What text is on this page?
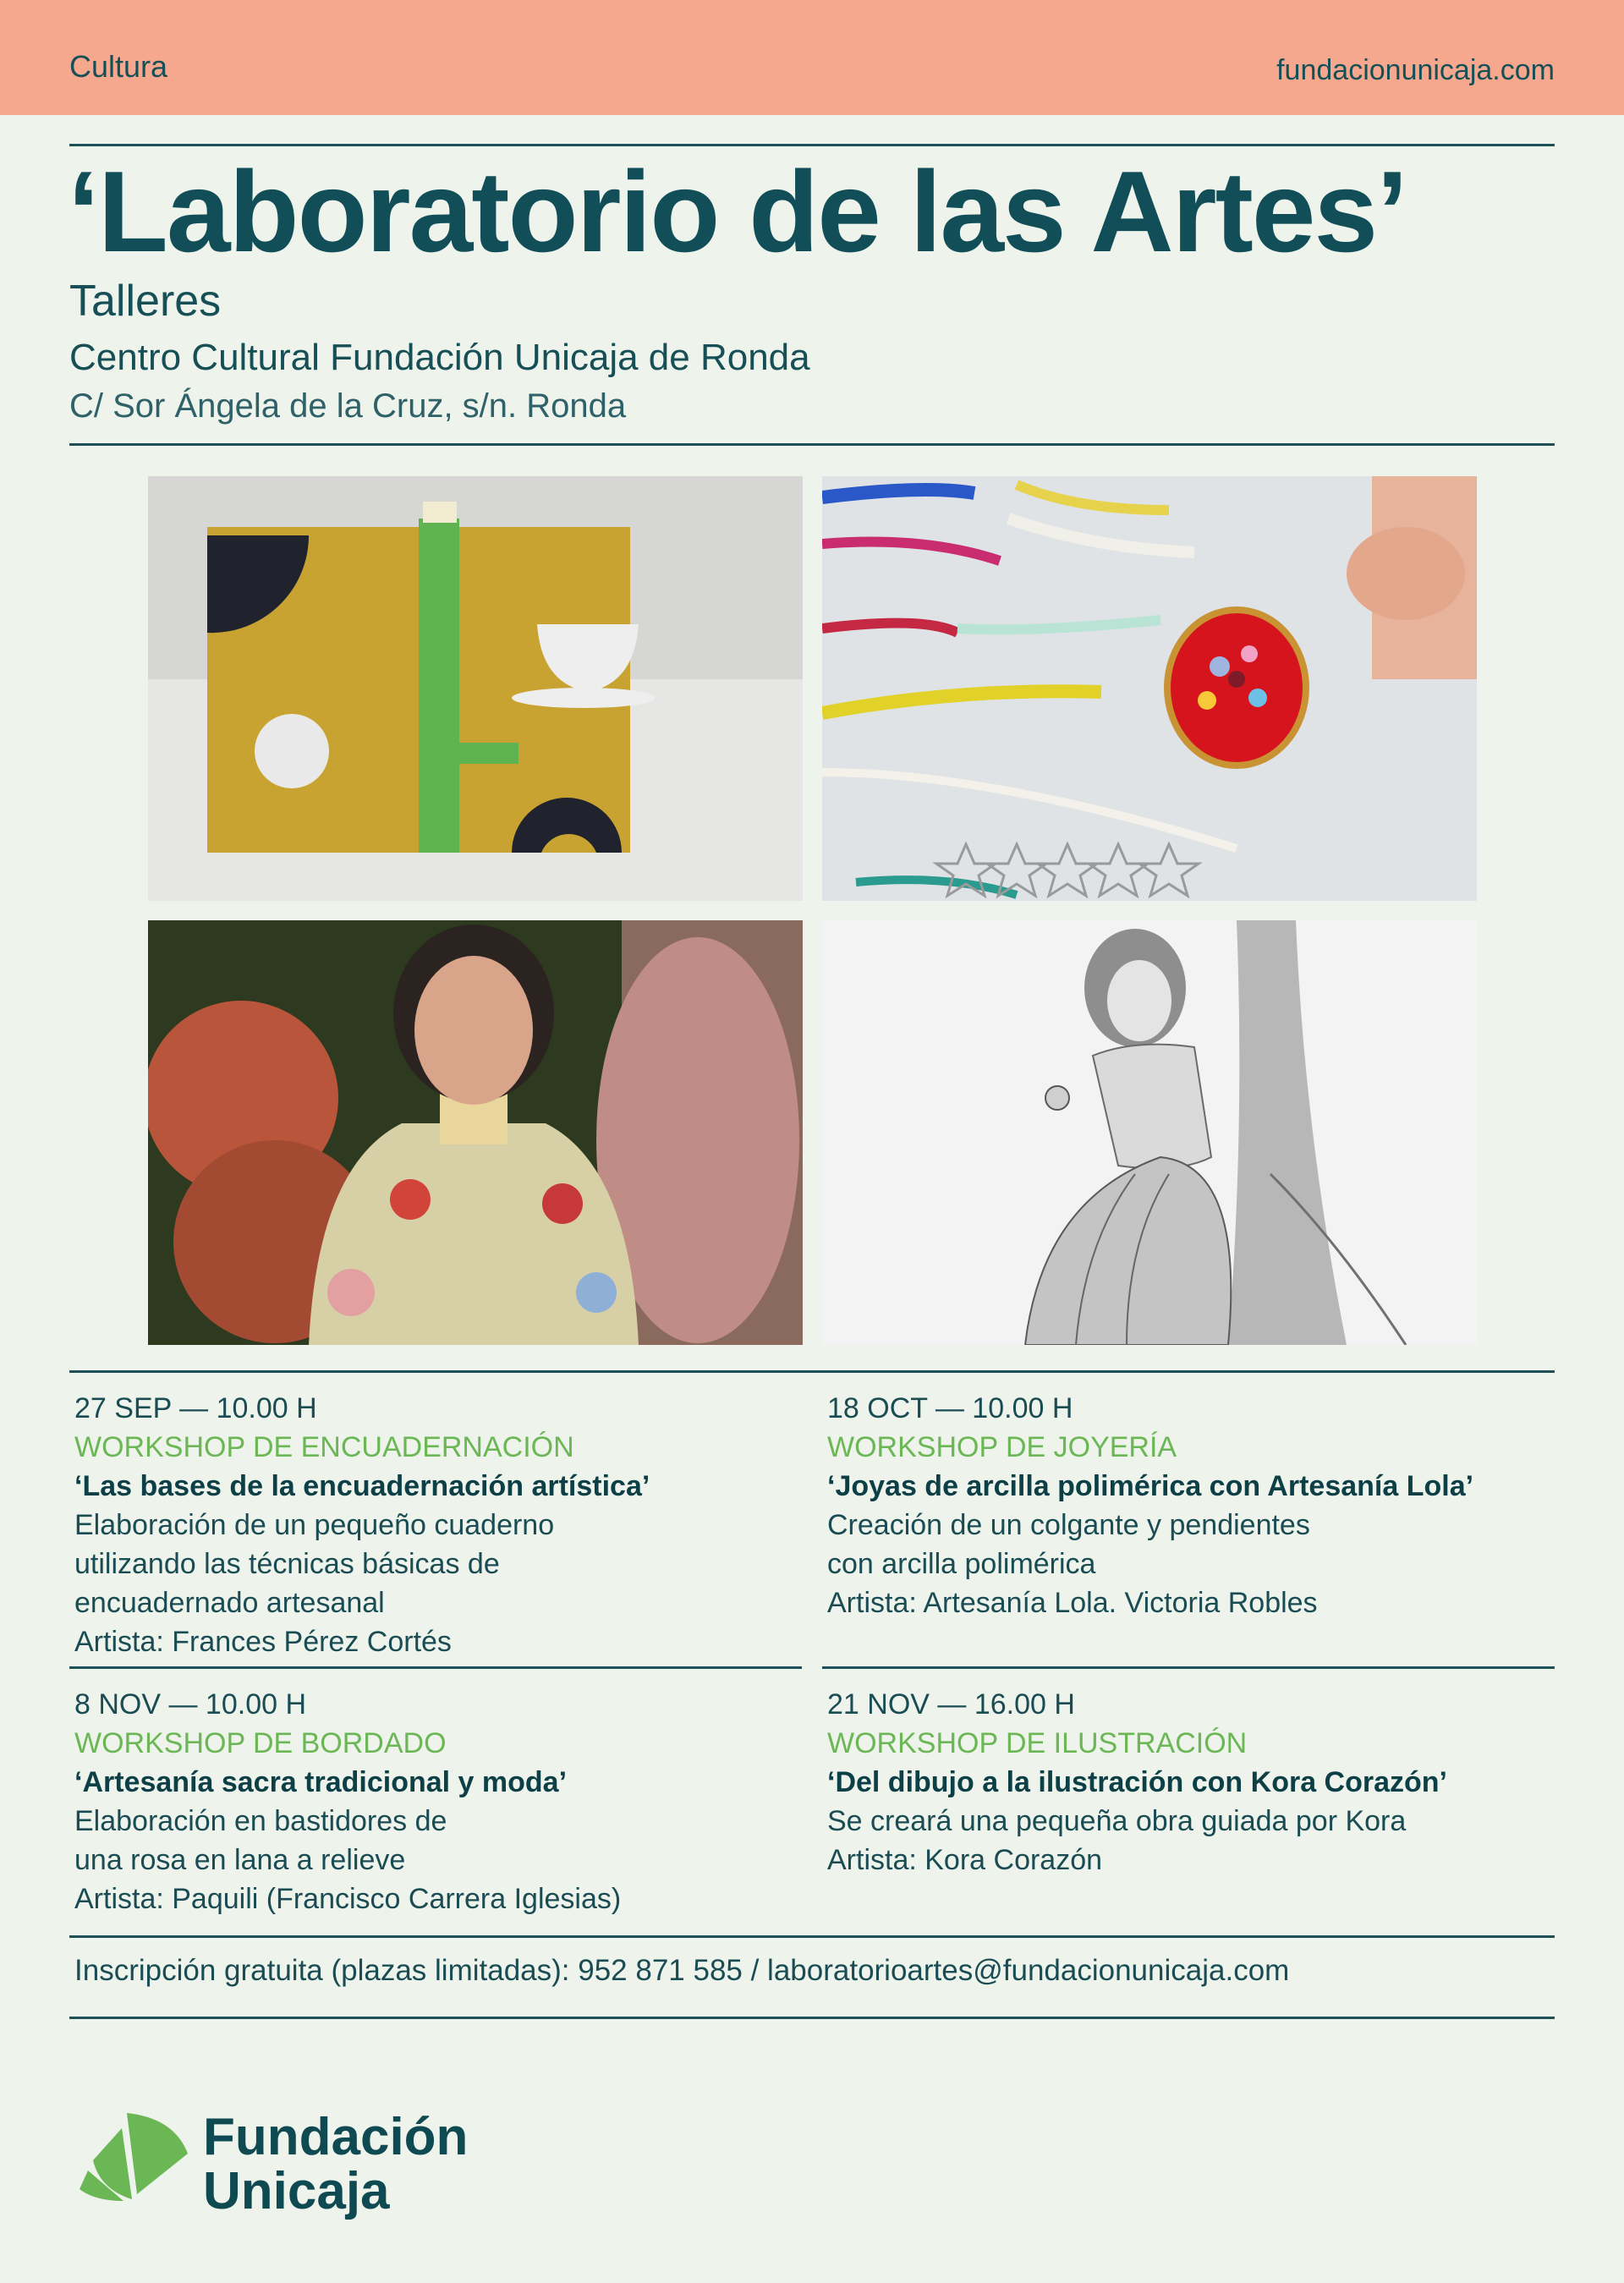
Cultura	fundacionunicaja.com
‘Laboratorio de las Artes’
Talleres
Centro Cultural Fundación Unicaja de Ronda
C/ Sor Ángela de la Cruz, s/n. Ronda
27 SEP — 10.00 H
WORKSHOP DE ENCUADERNACIÓN
‘Las bases de la encuadernación artística’
Elaboración de un pequeño cuaderno
utilizando las técnicas básicas de
encuadernado artesanal
Artista: Frances Pérez Cortés
18 OCT — 10.00 H
WORKSHOP DE JOYERÍA
‘Joyas de arcilla polimérica con Artesanía Lola’
Creación de un colgante y pendientes
con arcilla polimérica
Artista: Artesanía Lola. Victoria Robles
8 NOV — 10.00 H
WORKSHOP DE BORDADO
‘Artesanía sacra tradicional y moda’
Elaboración en bastidores de
una rosa en lana a relieve
Artista: Paquili (Francisco Carrera Iglesias)
21 NOV — 16.00 H
WORKSHOP DE ILUSTRACIÓN
‘Del dibujo a la ilustración con Kora Corazón’
Se creará una pequeña obra guiada por Kora
Artista: Kora Corazón
Inscripción gratuita (plazas limitadas): 952 871 585 / laboratorioartes@fundacionunicaja.com
Fundación
Unicaja
